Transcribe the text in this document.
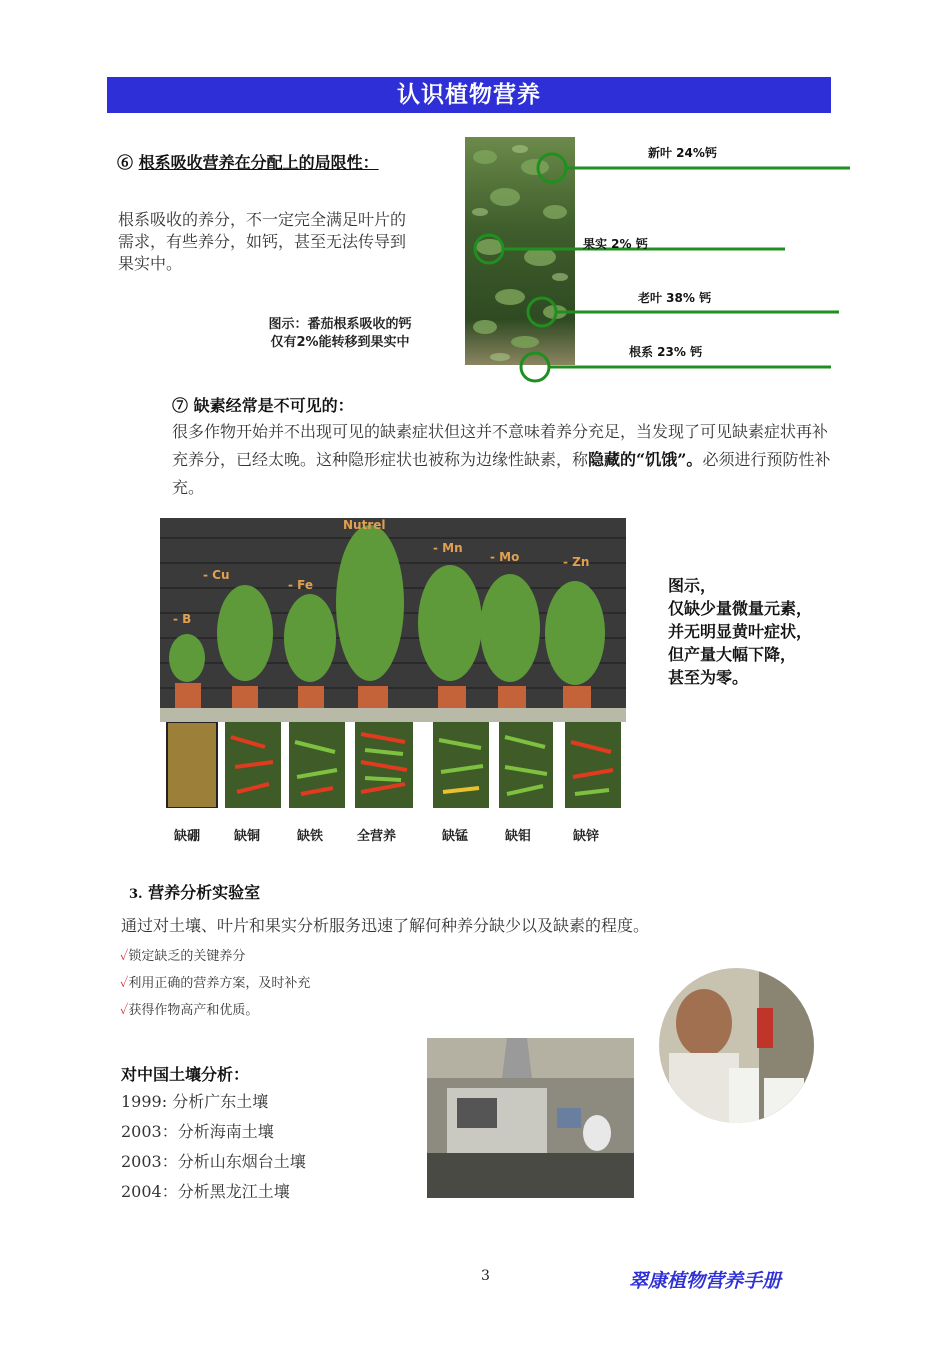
认识植物营养
⑥ 根系吸收营养在分配上的局限性：
根系吸收的养分，不一定完全满足叶片的需求，有些养分，如钙，甚至无法传导到果实中。
图示：番茄根系吸收的钙
仅有2%能转移到果实中
新叶 24%钙
果实 2% 钙
老叶 38% 钙
根系 23% 钙
⑦ 缺素经常是不可见的：
很多作物开始并不出现可见的缺素症状但这并不意味着养分充足，当发现了可见缺素症状再补充养分，已经太晚。这种隐形症状也被称为边缘性缺素，称隐藏的“饥饿”。必须进行预防性补充。
Nutrel
- Mn
- Mo	- Zn
- Cu
- Fe
- B
缺硼	缺铜	缺铁	全营养	缺锰	缺钼	缺锌
图示，
仅缺少量微量元素，
并无明显黄叶症状，
但产量大幅下降，
甚至为零。
3. 营养分析实验室
通过对土壤、叶片和果实分析服务迅速了解何种养分缺少以及缺素的程度。
✓锁定缺乏的关键养分
✓利用正确的营养方案，及时补充
✓获得作物高产和优质。
对中国土壤分析：
1999: 分析广东土壤
2003：分析海南土壤
2003：分析山东烟台土壤
2004：分析黑龙江土壤
3	翠康植物营养手册
